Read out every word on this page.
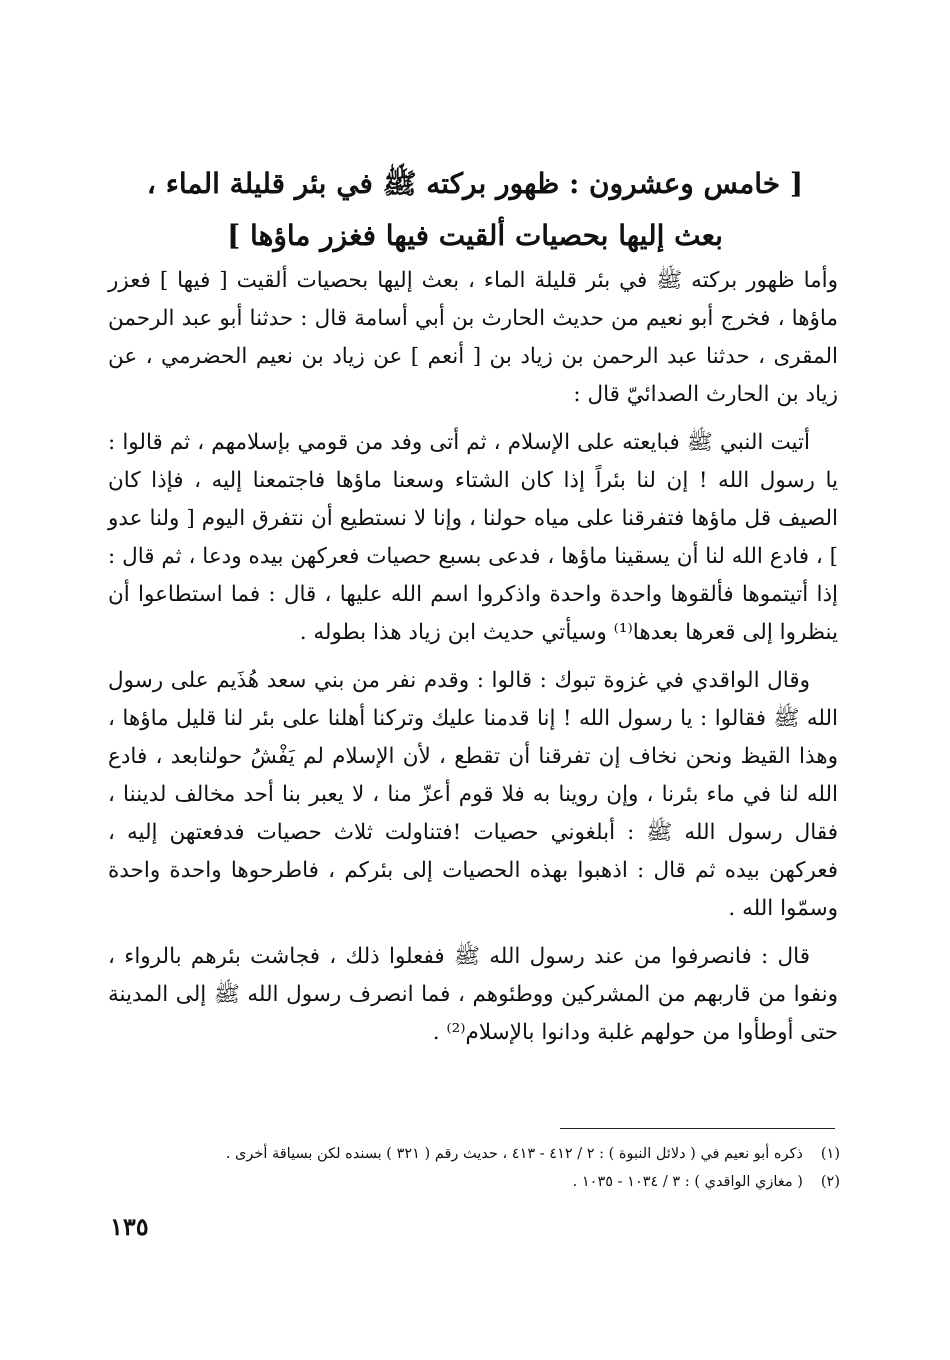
[ خامس وعشرون : ظهور بركته ﷺ في بئر قليلة الماء ،
بعث إليها بحصيات ألقيت فيها فغزر ماؤها ]

وأما ظهور بركته ﷺ في بئر قليلة الماء ، بعث إليها بحصيات ألقيت [ فيها ] فعزر ماؤها ، فخرج أبو نعيم من حديث الحارث بن أبي أسامة قال : حدثنا أبو عبد الرحمن المقرى ، حدثنا عبد الرحمن بن زياد بن [ أنعم ] عن زياد بن نعيم الحضرمي ، عن زياد بن الحارث الصدائيّ قال :

أتيت النبي ﷺ فبايعته على الإسلام ، ثم أتى وفد من قومي بإسلامهم ، ثم قالوا : يا رسول الله ! إن لنا بئراً إذا كان الشتاء وسعنا ماؤها فاجتمعنا إليه ، فإذا كان الصيف قل ماؤها فتفرقنا على مياه حولنا ، وإنا لا نستطيع أن نتفرق اليوم [ ولنا عدو ] ، فادع الله لنا أن يسقينا ماؤها ، فدعى بسبع حصيات فعركهن بيده ودعا ، ثم قال : إذا أتيتموها فألقوها واحدة واحدة واذكروا اسم الله عليها ، قال : فما استطاعوا أن ينظروا إلى قعرها بعدها⁽¹⁾ وسيأتي حديث ابن زياد هذا بطوله .

وقال الواقدي في غزوة تبوك : قالوا : وقدم نفر من بني سعد هُذَيم على رسول الله ﷺ فقالوا : يا رسول الله ! إنا قدمنا عليك وتركنا أهلنا على بئر لنا قليل ماؤها ، وهذا القيظ ونحن نخاف إن تفرقنا أن تقطع ، لأن الإسلام لم يَفْشُ حولنابعد ، فادع الله لنا في ماء بئرنا ، وإن روينا به فلا قوم أعزّ منا ، لا يعبر بنا أحد مخالف لديننا ، فقال رسول الله ﷺ : أبلغوني حصيات !فتناولت ثلاث حصيات فدفعتهن إليه ، فعركهن بيده ثم قال : اذهبوا بهذه الحصيات إلى بئركم ، فاطرحوها واحدة واحدة وسمّوا الله .

قال : فانصرفوا من عند رسول الله ﷺ ففعلوا ذلك ، فجاشت بئرهم بالرواء ، ونفوا من قاربهم من المشركين ووطئوهم ، فما انصرف رسول الله ﷺ إلى المدينة حتى أوطأوا من حولهم غلبة ودانوا بالإسلام⁽²⁾ .

(١)
ذكره أبو نعيم في ( دلائل النبوة ) : ٢ / ٤١٢ - ٤١٣ ، حديث رقم ( ٣٢١ ) بسنده لكن بسياقة أخرى .
(٢)
( مغازي الواقدي ) : ٣ / ١٠٣٤ - ١٠٣٥ .
١٣٥
